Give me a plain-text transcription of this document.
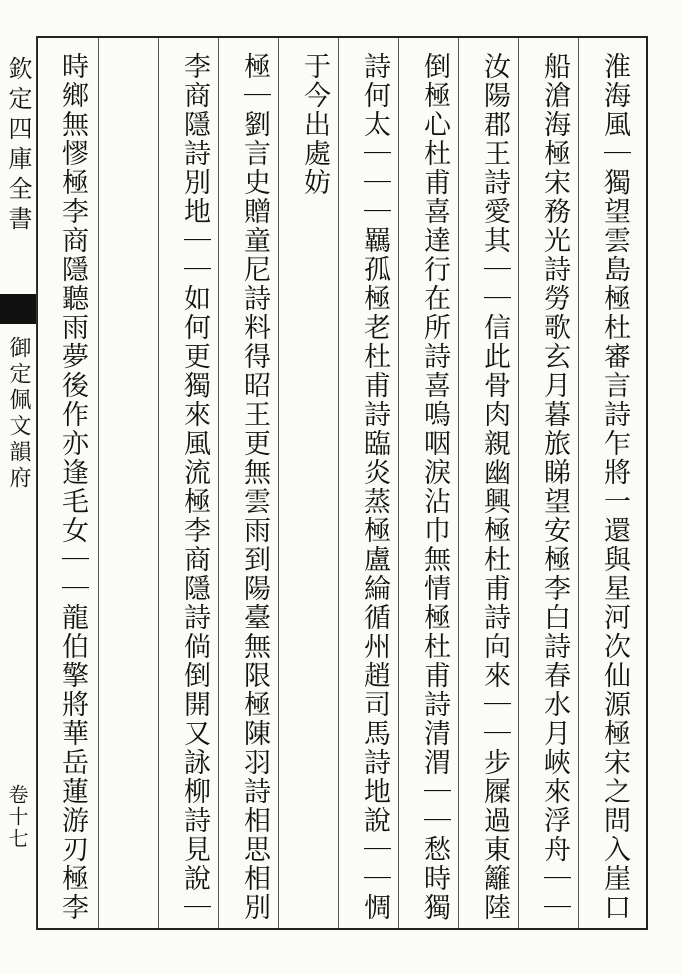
欽定四庫全書
御定佩文韻府
卷十七
淮海風｜獨望雲島極杜審言詩乍將一還與星河次仙源極宋之問入崖口
船滄海極宋務光詩勞歌玄月暮旅睇望安極李白詩春水月峽來浮舟｜｜
汝陽郡王詩愛其｜｜信此骨肉親幽興極杜甫詩向來｜｜步屧過東籬陸
倒極心杜甫喜達行在所詩喜嗚咽淚沾巾無情極杜甫詩清渭｜｜愁時獨
詩何太｜｜｜羈孤極老杜甫詩臨炎蒸極盧綸循州趙司馬詩地說｜｜惆
于今出處妨
極｜劉言史贈童尼詩料得昭王更無雲雨到陽臺無限極陳羽詩相思相別
李商隱詩別地｜｜如何更獨來風流極李商隱詩倘倒開又詠柳詩見說｜
時鄉無憀極李商隱聽雨夢後作亦逢毛女｜｜龍伯擎將華岳蓮游刃極李
